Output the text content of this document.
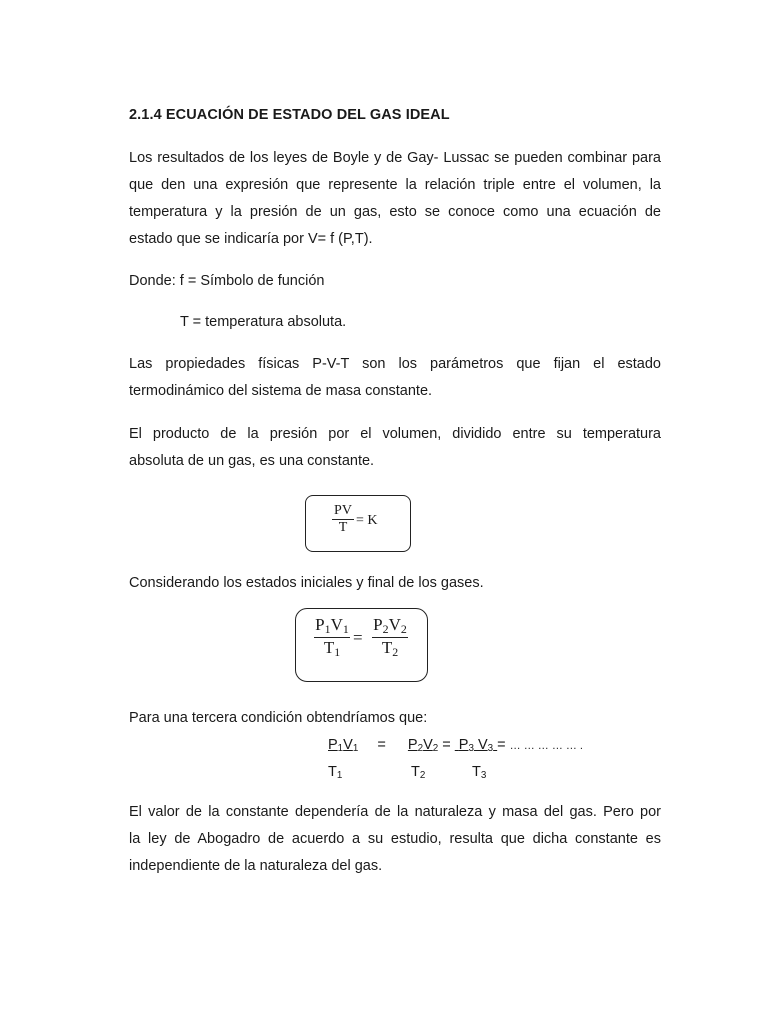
2.1.4 ECUACIÓN DE ESTADO DEL GAS IDEAL
Los resultados de los leyes de Boyle y de Gay- Lussac se pueden combinar para
que den una expresión que represente la relación triple entre el volumen, la
temperatura y la presión de un gas, esto se conoce como una ecuación de
estado que se indicaría por V= f (P,T).
Donde: f = Símbolo de función
T = temperatura absoluta.
Las propiedades físicas P-V-T son los parámetros que fijan el estado
termodinámico del sistema de masa constante.
El producto de la presión por el volumen, dividido entre su temperatura
absoluta de un gas, es una constante.
PV
T = K
Considerando los estados iniciales y final de los gases.
$P_1V_1$
$T_1$
=
$P_2V_2$
$T_2$
Para una tercera condición obtendríamos que:
P1V1 = P2V2 = P3 V3 = … … … … … .
T1	T2	T3
El valor de la constante dependería de la naturaleza y masa del gas. Pero por
la ley de Abogadro de acuerdo a su estudio, resulta que dicha constante es
independiente de la naturaleza del gas.
